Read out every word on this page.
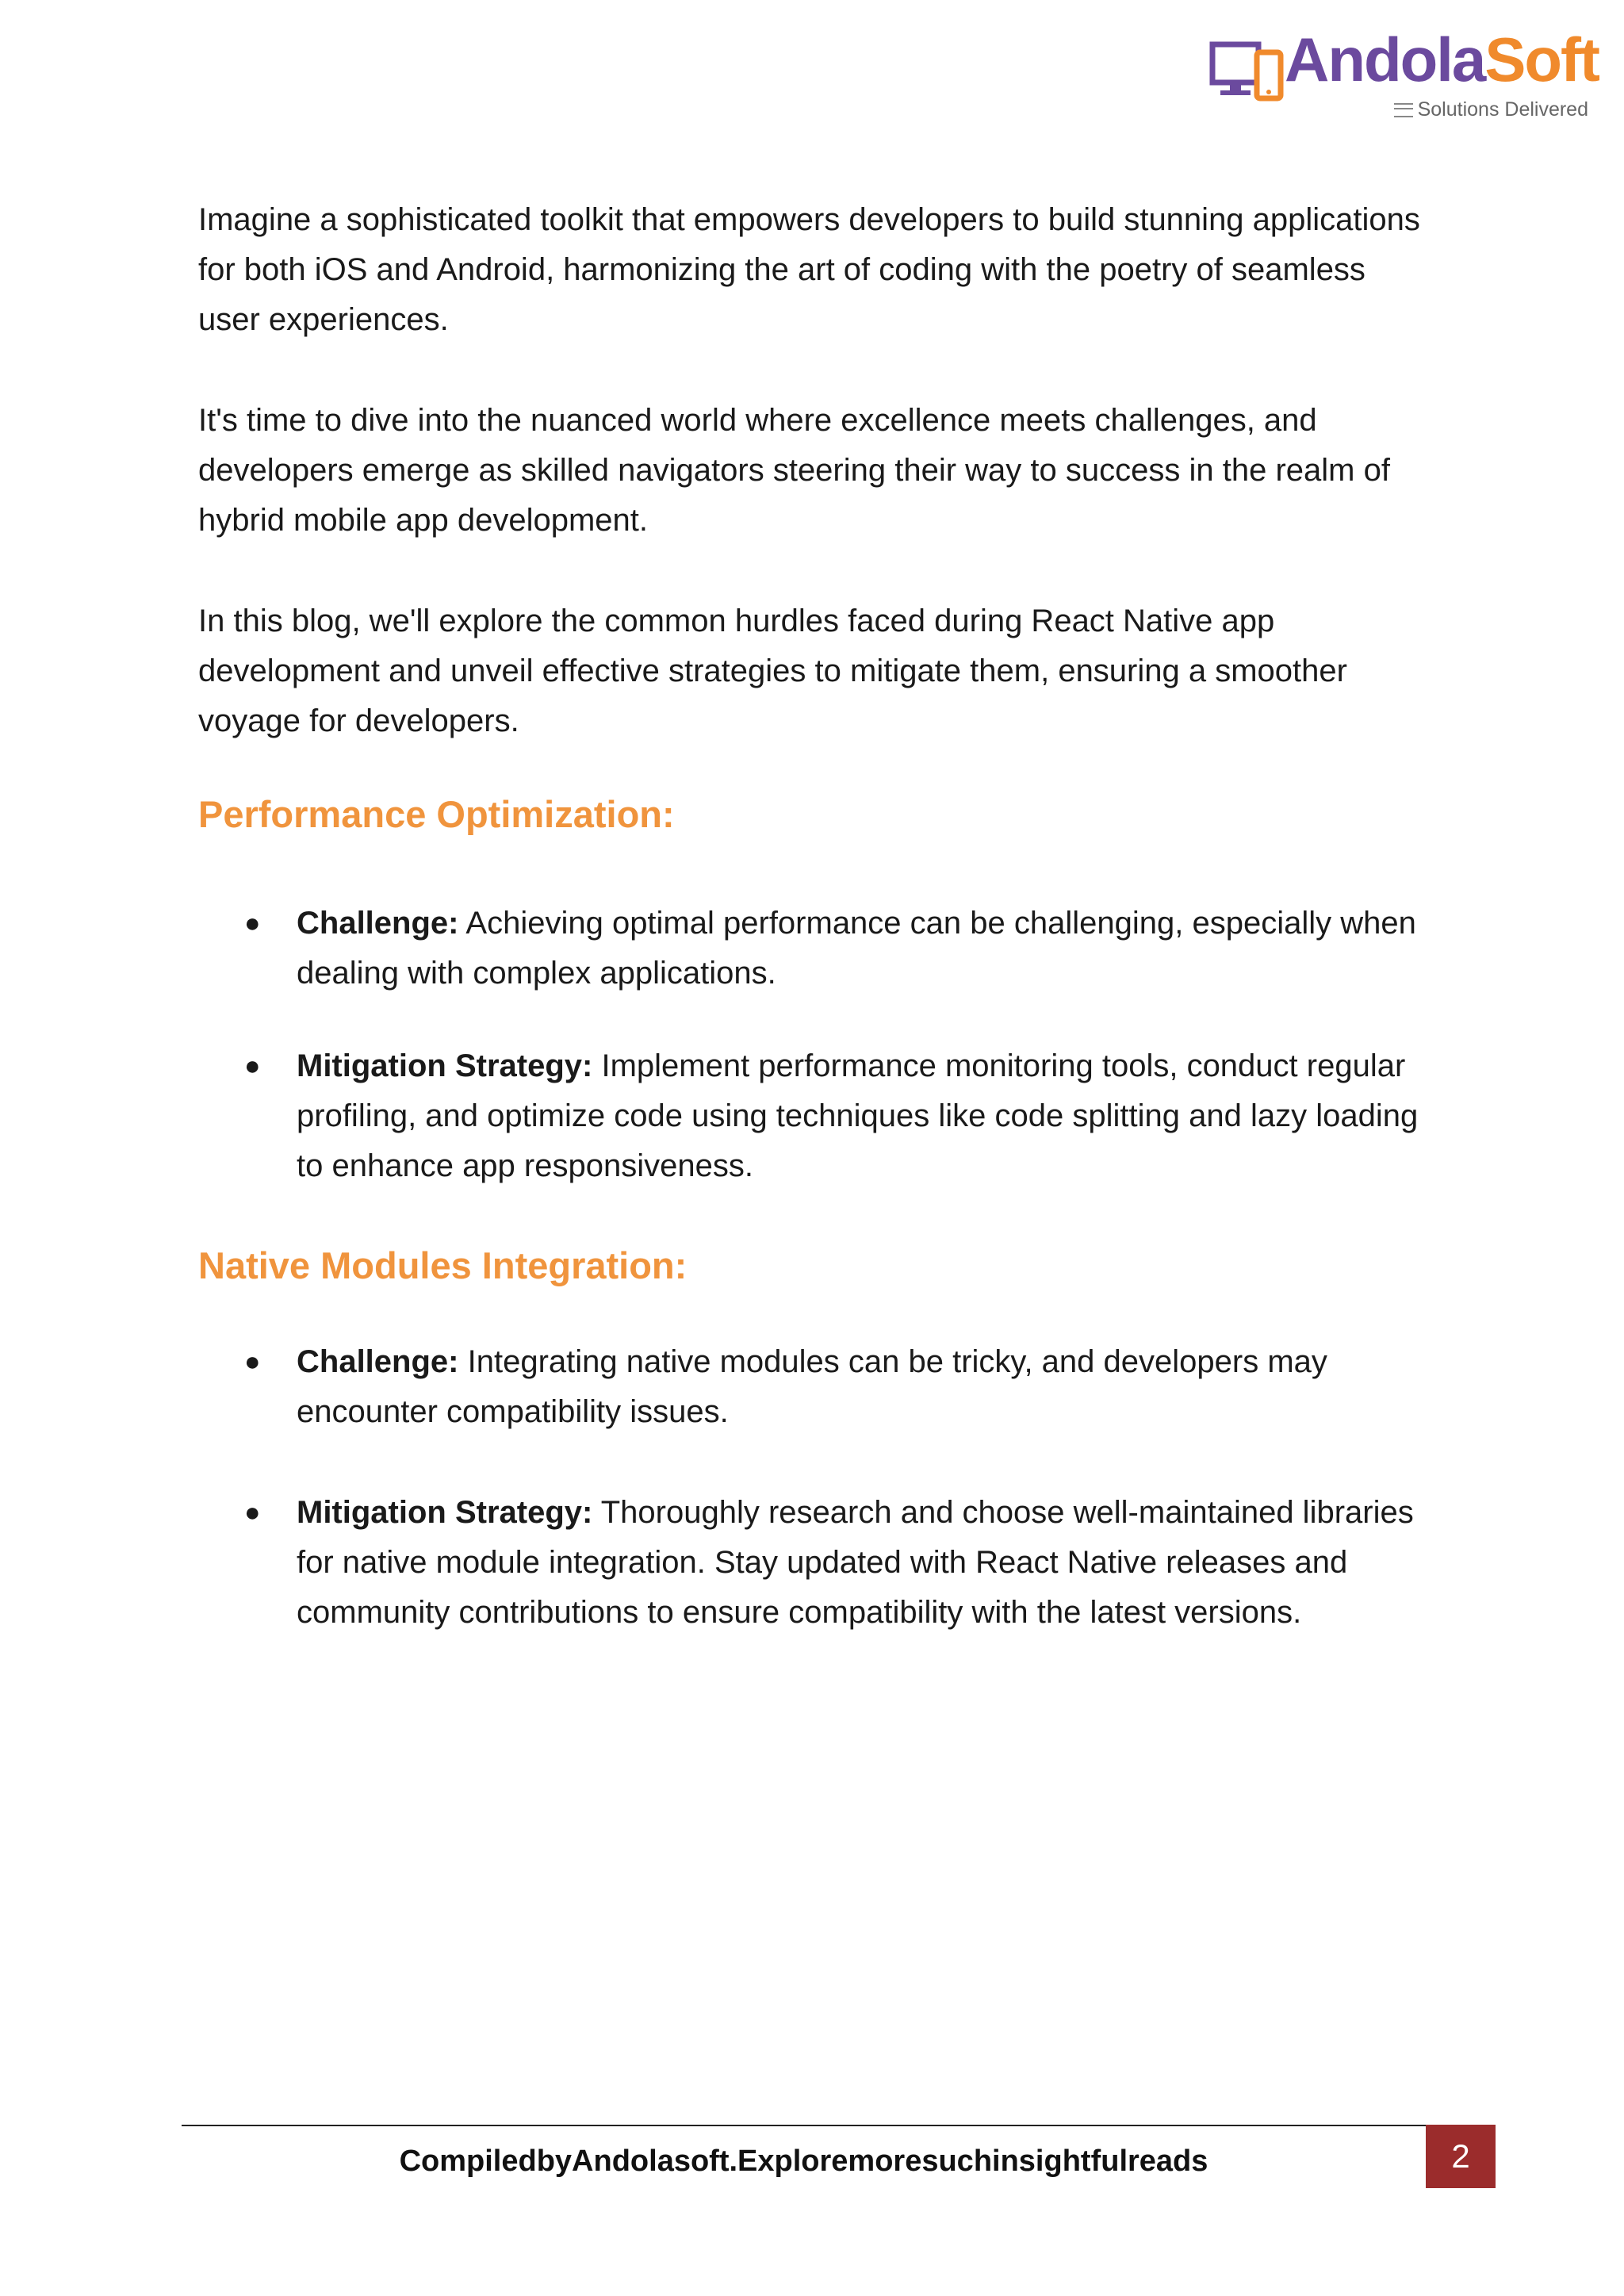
AndolaSoft
Solutions Delivered

Imagine a sophisticated toolkit that empowers developers to build stunning applications for both iOS and Android, harmonizing the art of coding with the poetry of seamless user experiences.

It's time to dive into the nuanced world where excellence meets challenges, and developers emerge as skilled navigators steering their way to success in the realm of hybrid mobile app development.

In this blog, we'll explore the common hurdles faced during React Native app development and unveil effective strategies to mitigate them, ensuring a smoother voyage for developers.

Performance Optimization:
● Challenge: Achieving optimal performance can be challenging, especially when dealing with complex applications.
● Mitigation Strategy: Implement performance monitoring tools, conduct regular profiling, and optimize code using techniques like code splitting and lazy loading to enhance app responsiveness.
Native Modules Integration:
● Challenge: Integrating native modules can be tricky, and developers may encounter compatibility issues.
● Mitigation Strategy: Thoroughly research and choose well-maintained libraries for native module integration. Stay updated with React Native releases and community contributions to ensure compatibility with the latest versions.
CompiledbyAndolasoft.Exploremoresuchinsightfulreads	2
